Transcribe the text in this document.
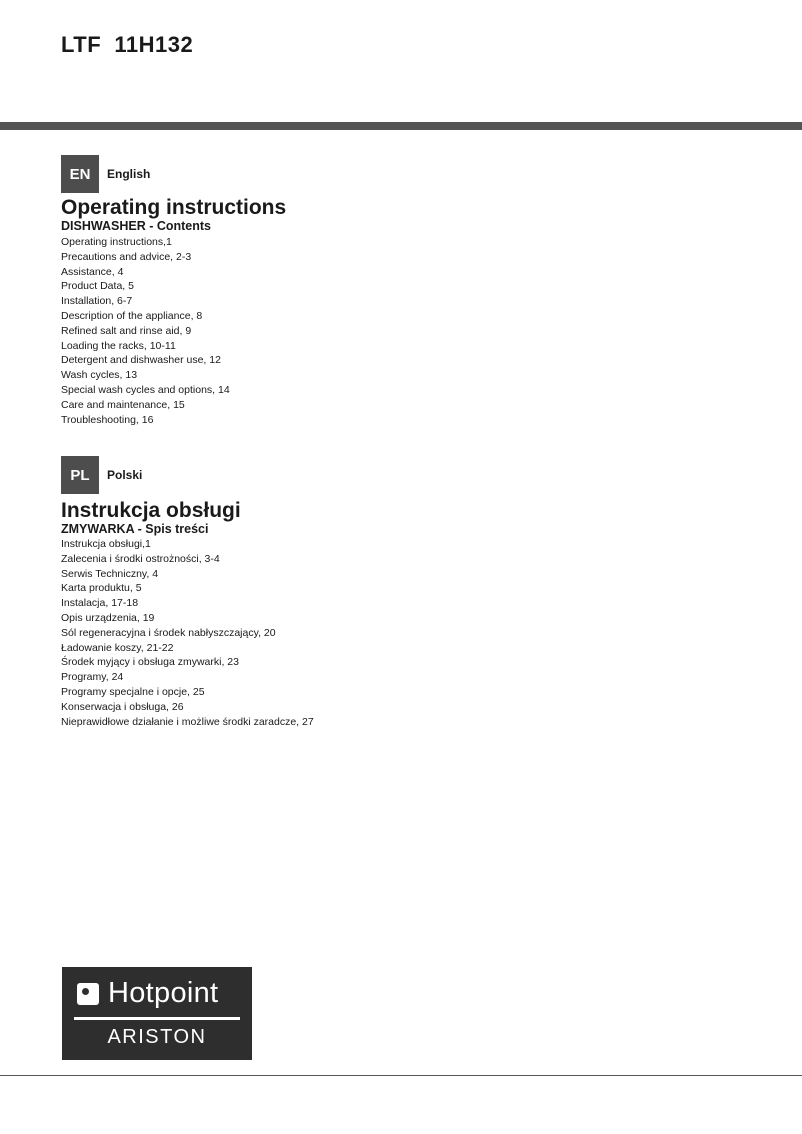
LTF  11H132
EN	English
Operating instructions
DISHWASHER - Contents
Operating instructions,1
Precautions and advice, 2-3
Assistance, 4
Product Data, 5
Installation, 6-7
Description of the appliance, 8
Refined salt and rinse aid, 9
Loading the racks, 10-11
Detergent and dishwasher use, 12
Wash cycles, 13
Special wash cycles and options, 14
Care and maintenance, 15
Troubleshooting, 16
PL	Polski
Instrukcja obsługi
ZMYWARKA - Spis treści
Instrukcja obsługi,1
Zalecenia i środki ostrożności, 3-4
Serwis Techniczny, 4
Karta produktu, 5
Instalacja, 17-18
Opis urządzenia, 19
Sól regeneracyjna i środek nabłyszczający, 20
Ładowanie koszy, 21-22
Środek myjący i obsługa zmywarki, 23
Programy, 24
Programy specjalne i opcje, 25
Konserwacja i obsługa, 26
Nieprawidłowe działanie i możliwe środki zaradcze, 27
Hotpoint
ARISTON
